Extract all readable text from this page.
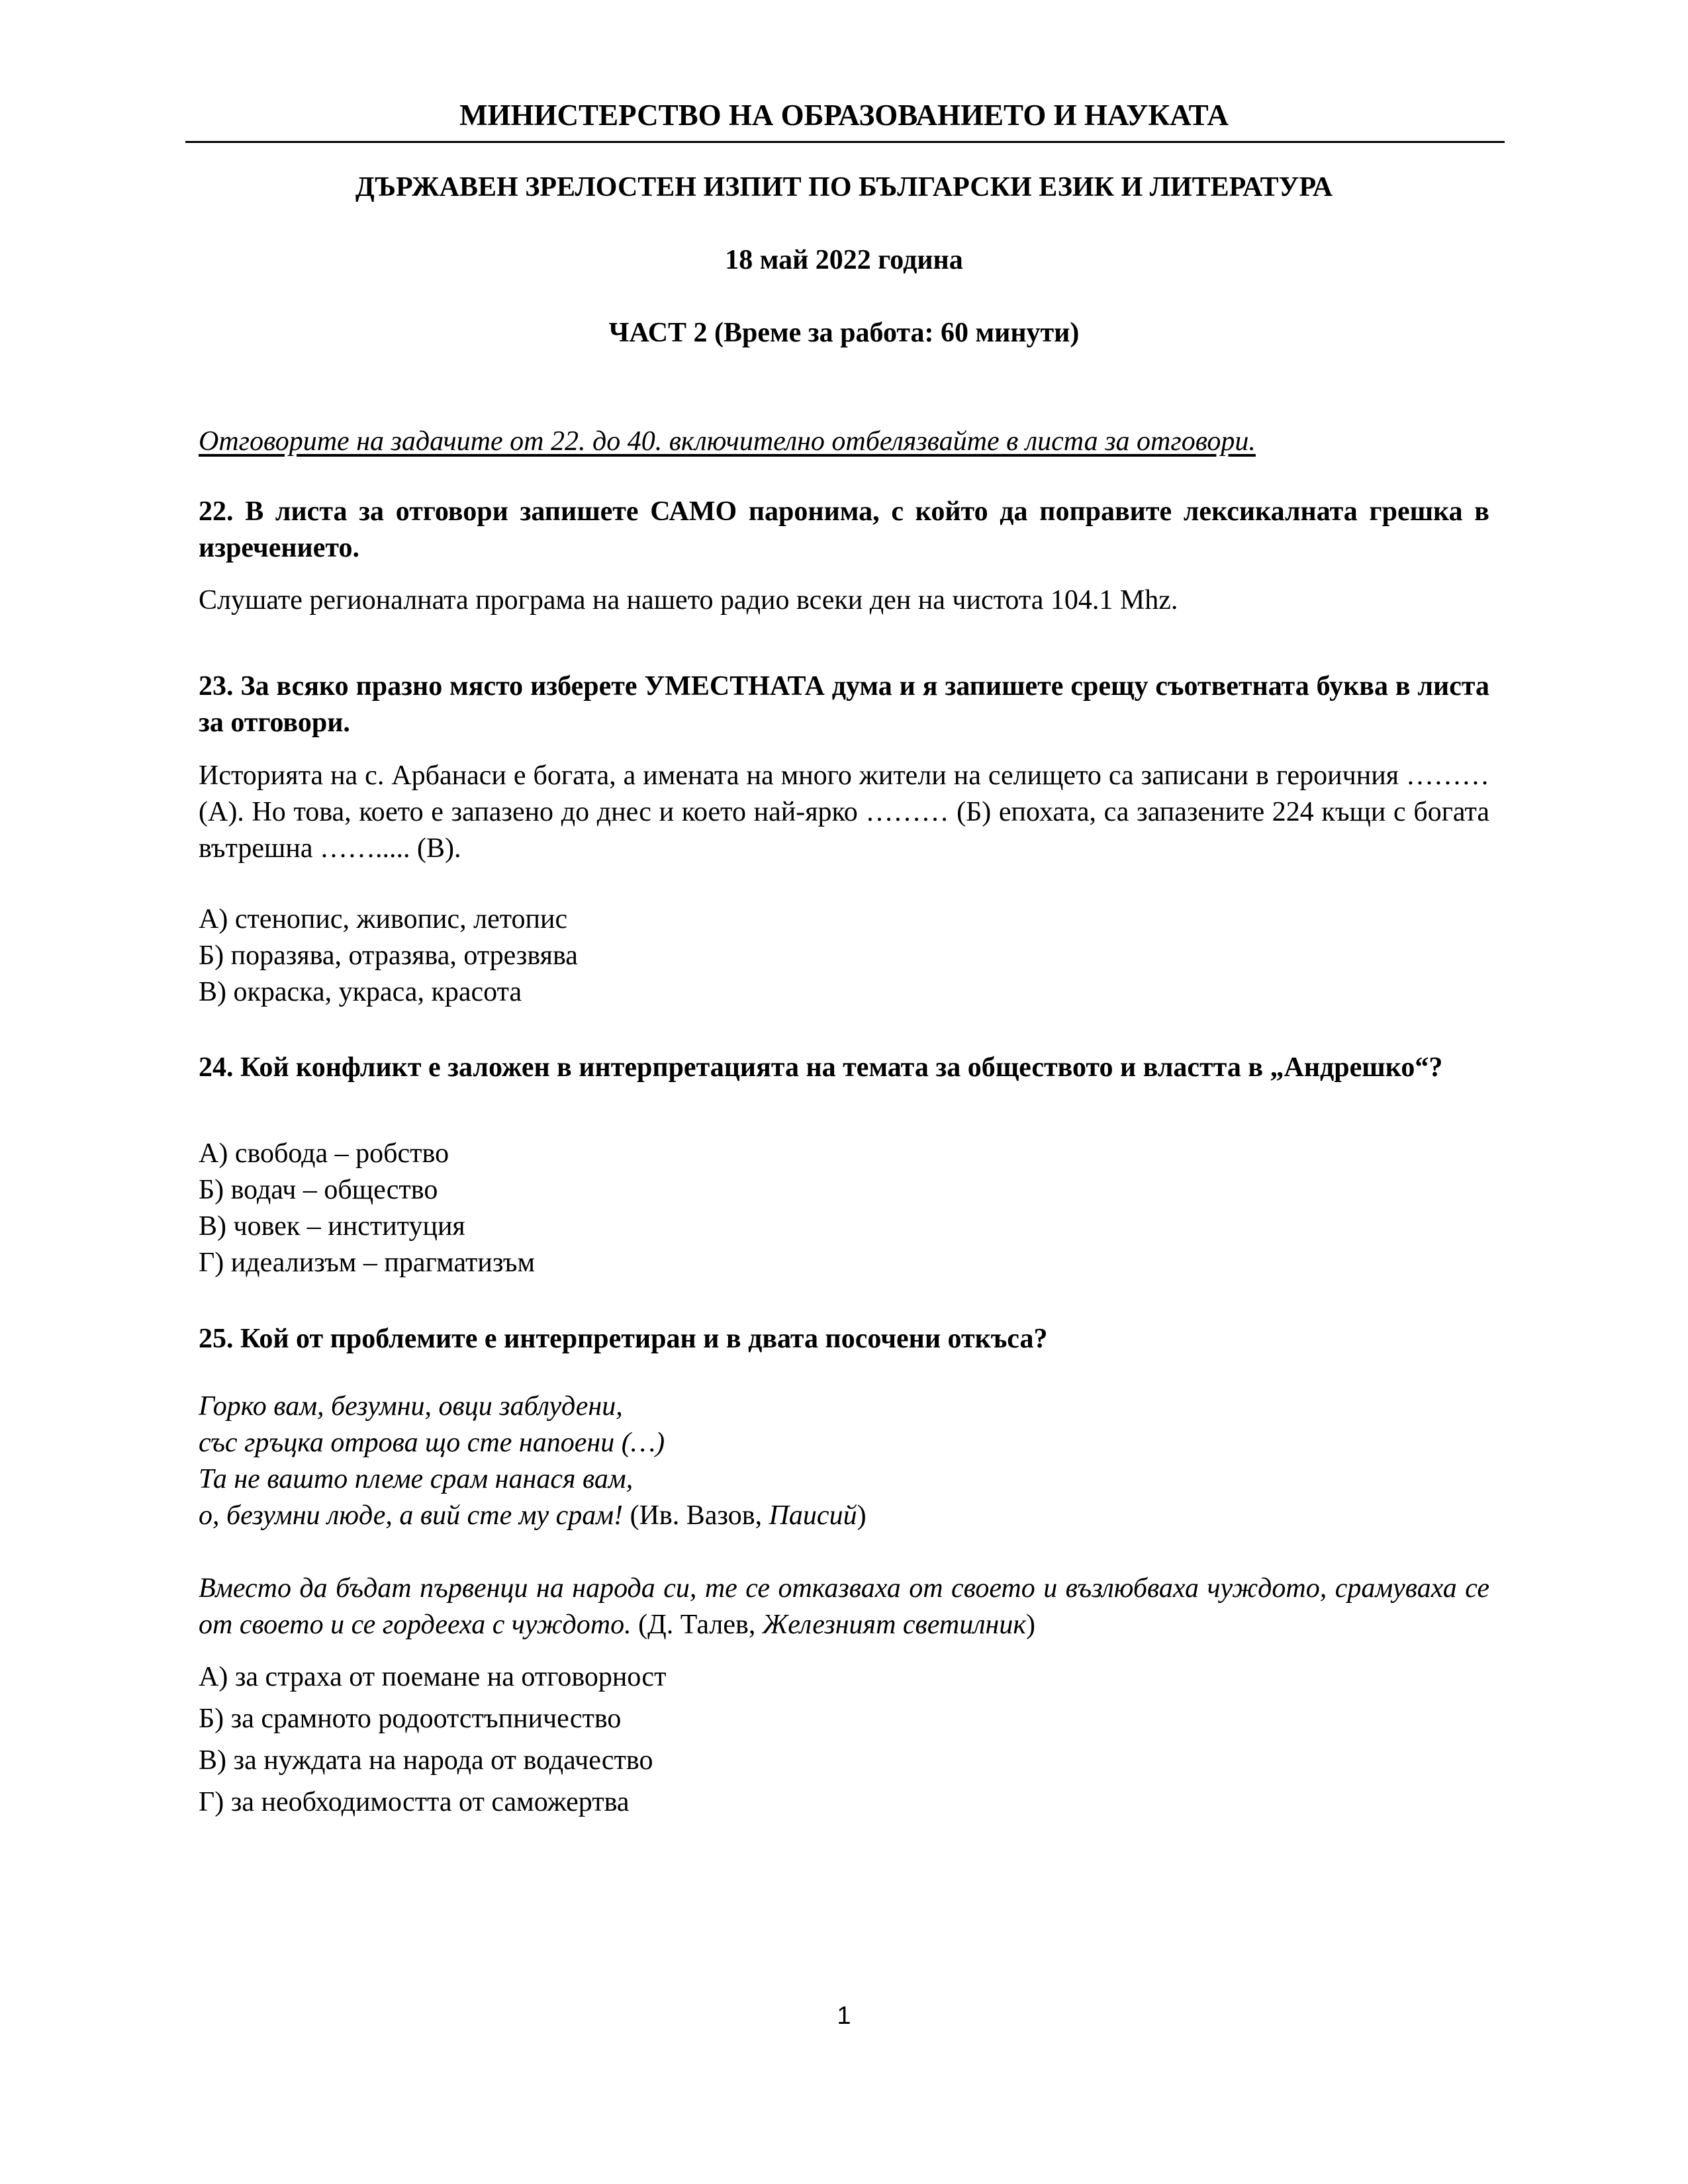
МИНИСТЕРСТВО НА ОБРАЗОВАНИЕТО И НАУКАТА
ДЪРЖАВЕН ЗРЕЛОСТЕН ИЗПИТ ПО БЪЛГАРСКИ ЕЗИК И ЛИТЕРАТУРА
18 май 2022 година
ЧАСТ 2 (Време за работа: 60 минути)
Отговорите на задачите от 22. до 40. включително отбелязвайте в листа за отговори.
22. В листа за отговори запишете САМО паронима, с който да поправите лексикалната грешка в изречението.
Слушате регионалната програма на нашето радио всеки ден на чистота 104.1 Mhz.
23. За всяко празно място изберете УМЕСТНАТА дума и я запишете срещу съответната буква в листа за отговори.
Историята на с. Арбанаси е богата, а имената на много жители на селището са записани в героичния ……… (А). Но това, което е запазено до днес и което най-ярко ……… (Б) епохата, са запазените 224 къщи с богата вътрешна ……..... (В).
А) стенопис, живопис, летопис
Б) поразява, отразява, отрезвява
В) окраска, украса, красота
24. Кой конфликт е заложен в интерпретацията на темата за обществото и властта в „Андрешко“?
А) свобода – робство
Б) водач – общество
В) човек – институция
Г) идеализъм – прагматизъм
25. Кой от проблемите е интерпретиран и в двата посочени откъса?
Горко вам, безумни, овци заблудени,
със гръцка отрова що сте напоени (…)
Та не вашто племе срам нанася вам,
о, безумни люде, а вий сте му срам! (Ив. Вазов, Паисий)
Вместо да бъдат първенци на народа си, те се отказваха от своето и възлюбваха чуждото, срамуваха се от своето и се гордееха с чуждото. (Д. Талев, Железният светилник)
А) за страха от поемане на отговорност
Б) за срамното родоотстъпничество
В) за нуждата на народа от водачество
Г) за необходимостта от саможертва
1
